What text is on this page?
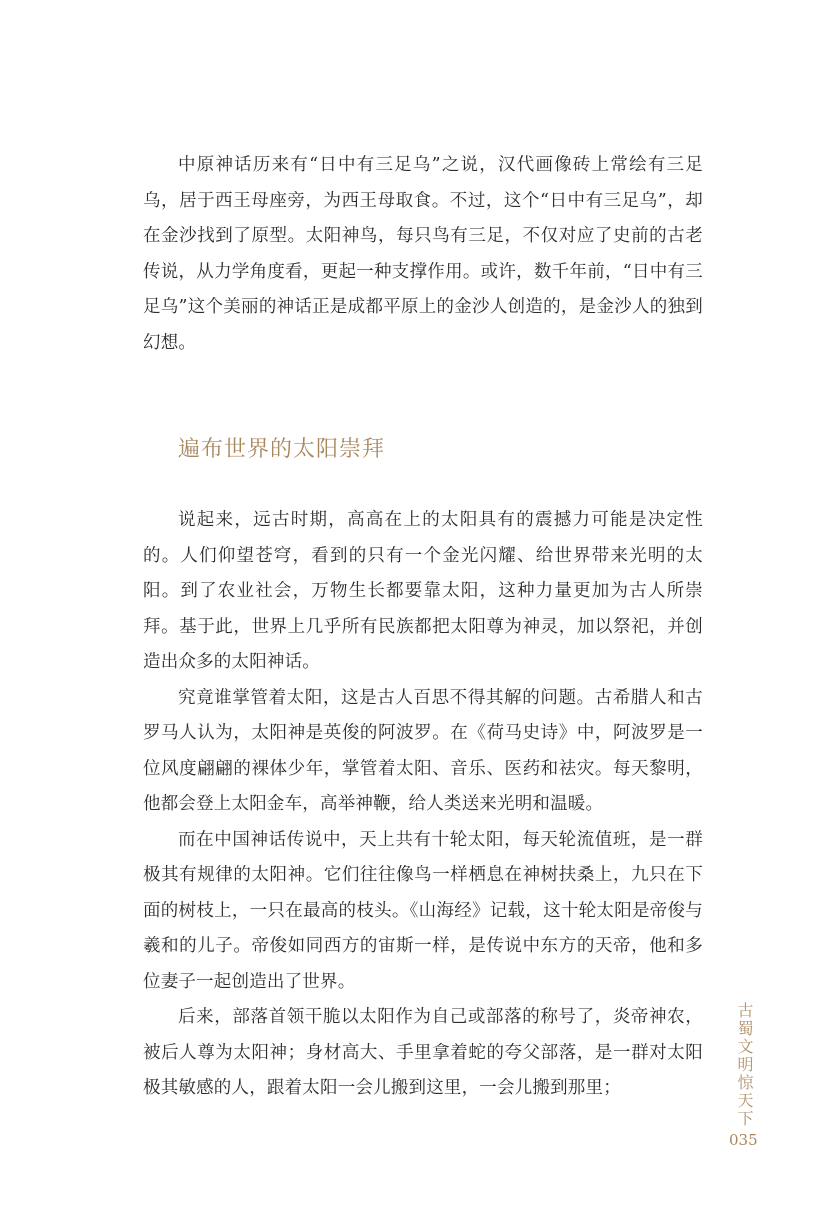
中原神话历来有“日中有三足乌”之说，汉代画像砖上常绘有三足乌，居于西王母座旁，为西王母取食。不过，这个“日中有三足乌”，却在金沙找到了原型。太阳神鸟，每只鸟有三足，不仅对应了史前的古老传说，从力学角度看，更起一种支撑作用。或许，数千年前，“日中有三足乌”这个美丽的神话正是成都平原上的金沙人创造的，是金沙人的独到幻想。

遍布世界的太阳崇拜

说起来，远古时期，高高在上的太阳具有的震撼力可能是决定性的。人们仰望苍穹，看到的只有一个金光闪耀、给世界带来光明的太阳。到了农业社会，万物生长都要靠太阳，这种力量更加为古人所崇拜。基于此，世界上几乎所有民族都把太阳尊为神灵，加以祭祀，并创造出众多的太阳神话。

究竟谁掌管着太阳，这是古人百思不得其解的问题。古希腊人和古罗马人认为，太阳神是英俊的阿波罗。在《荷马史诗》中，阿波罗是一位风度翩翩的裸体少年，掌管着太阳、音乐、医药和祛灾。每天黎明，他都会登上太阳金车，高举神鞭，给人类送来光明和温暖。

而在中国神话传说中，天上共有十轮太阳，每天轮流值班，是一群极其有规律的太阳神。它们往往像鸟一样栖息在神树扶桑上，九只在下面的树枝上，一只在最高的枝头。《山海经》记载，这十轮太阳是帝俊与羲和的儿子。帝俊如同西方的宙斯一样，是传说中东方的天帝，他和多位妻子一起创造出了世界。

后来，部落首领干脆以太阳作为自己或部落的称号了，炎帝神农，被后人尊为太阳神；身材高大、手里拿着蛇的夸父部落，是一群对太阳极其敏感的人，跟着太阳一会儿搬到这里，一会儿搬到那里；	古蜀文明惊天下
035
